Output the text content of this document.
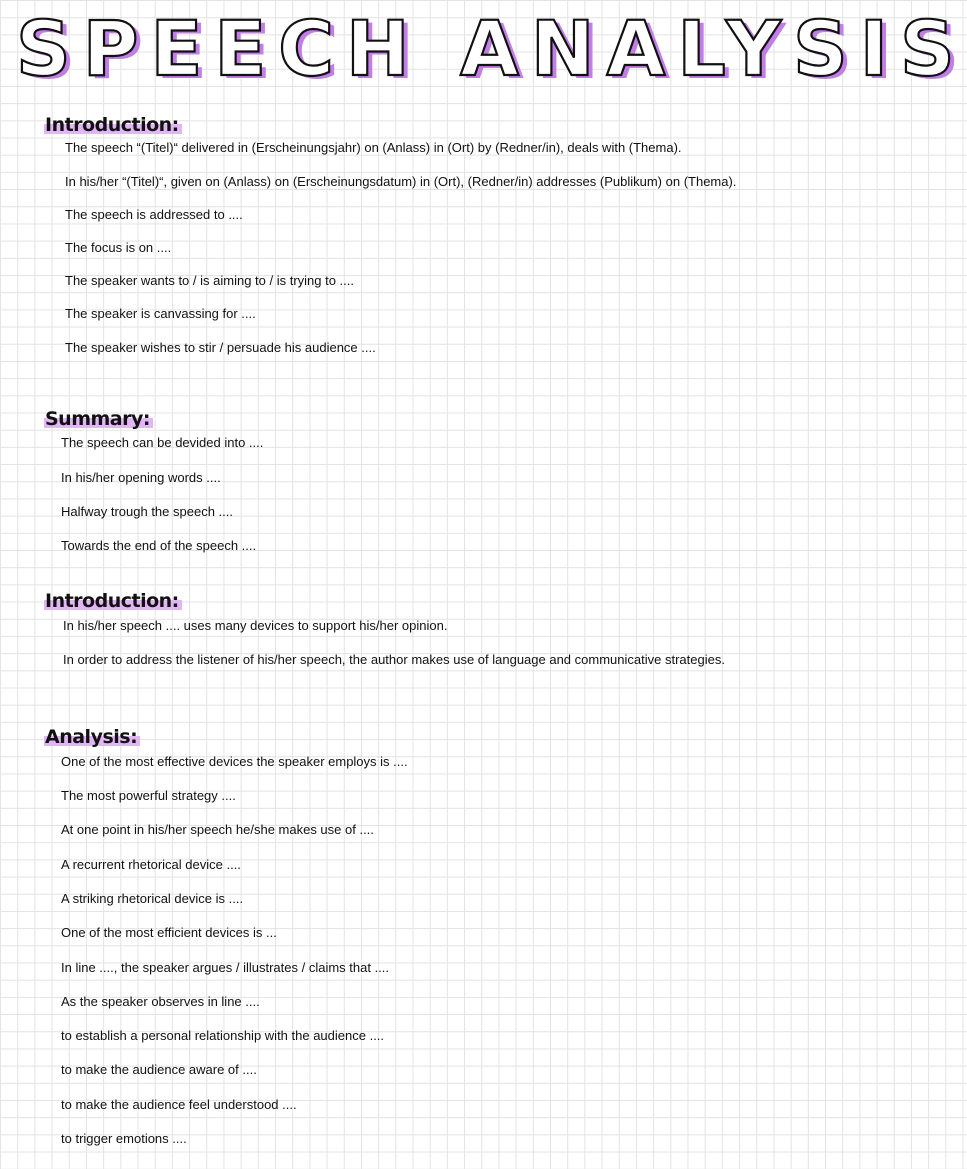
SPEECH ANALYSIS
Introduction:

The speech “(Titel)“ delivered in (Erscheinungsjahr) on (Anlass) in (Ort) by (Redner/in), deals with (Thema).

In his/her “(Titel)“, given on (Anlass) on (Erscheinungsdatum) in (Ort), (Redner/in) addresses (Publikum) on (Thema).

The speech is addressed to ....

The focus is on ....

The speaker wants to / is aiming to / is trying to ....

The speaker is canvassing for ....

The speaker wishes to stir / persuade his audience ....

Summary:

The speech can be devided into ....

In his/her opening words ....

Halfway trough the speech ....

Towards the end of the speech ....

Introduction:

In his/her speech .... uses many devices to support his/her opinion.

In order to address the listener of his/her speech, the author makes use of language and communicative strategies.

Analysis:

One of the most effective devices the speaker employs is ....

The most powerful strategy ....

At one point in his/her speech he/she makes use of ....

A recurrent rhetorical device ....

A striking rhetorical device is ....

One of the most efficient devices is ...

In line ...., the speaker argues / illustrates / claims that ....

As the speaker observes in line ....

to establish a personal relationship with the audience ....

to make the audience aware of ....

to make the audience feel understood ....

to trigger emotions ....
